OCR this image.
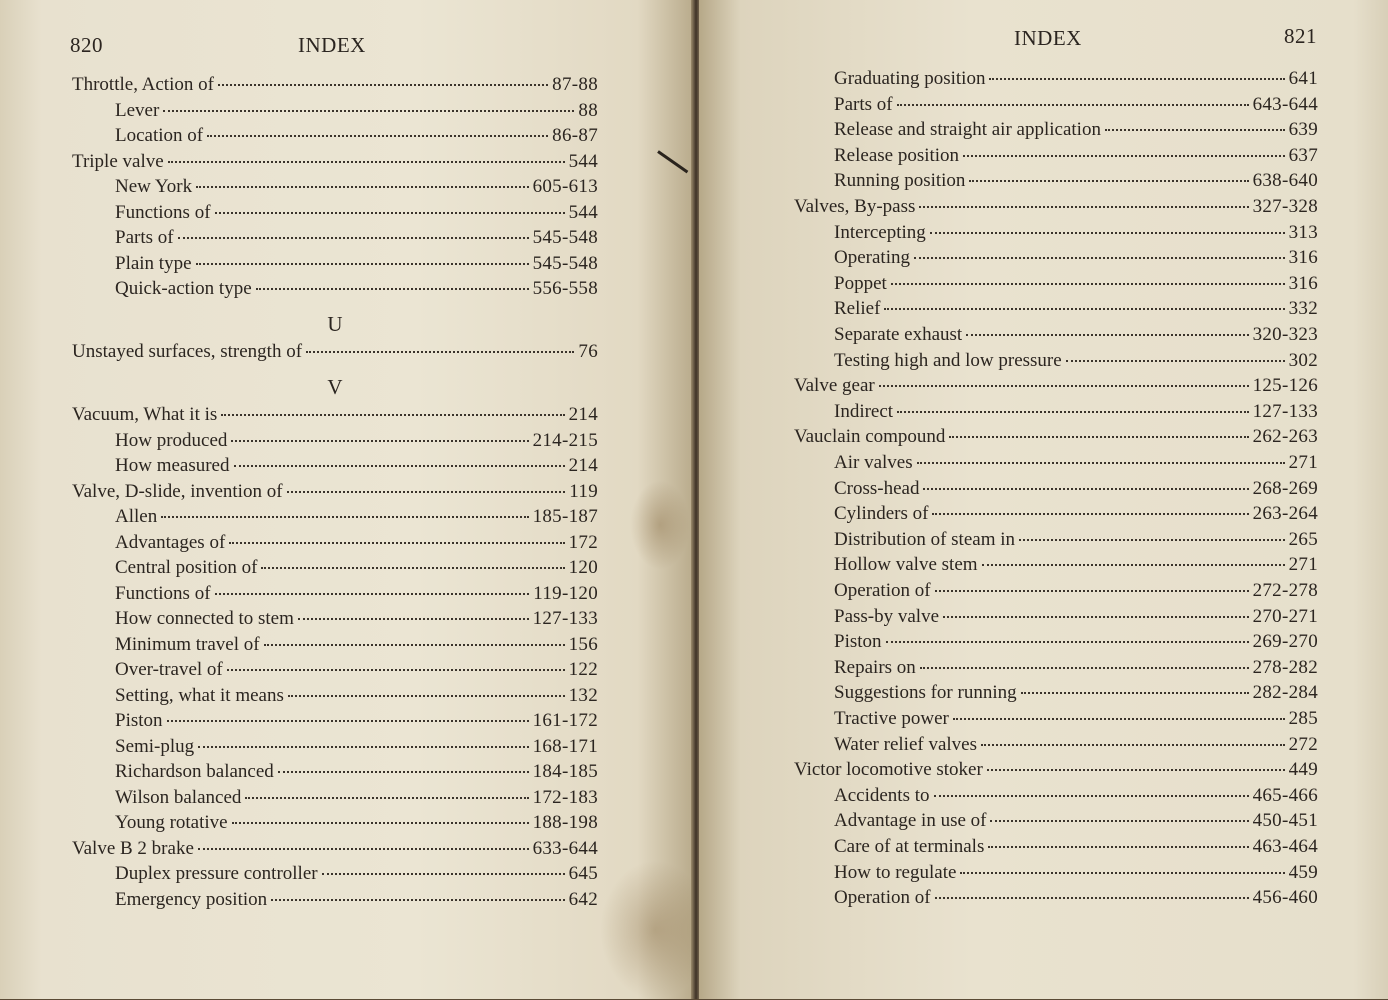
820	INDEX
Throttle, Action of	87-88
Lever	88
Location of	86-87
Triple valve	544
New York	605-613
Functions of	544
Parts of	545-548
Plain type	545-548
Quick-action type	556-558
U
Unstayed surfaces, strength of	76
V
Vacuum, What it is	214
How produced	214-215
How measured	214
Valve, D-slide, invention of	119
Allen	185-187
Advantages of	172
Central position of	120
Functions of	119-120
How connected to stem	127-133
Minimum travel of	156
Over-travel of	122
Setting, what it means	132
Piston	161-172
Semi-plug	168-171
Richardson balanced	184-185
Wilson balanced	172-183
Young rotative	188-198
Valve B 2 brake	633-644
Duplex pressure controller	645
Emergency position	642
INDEX	821
Graduating position	641
Parts of	643-644
Release and straight air application	639
Release position	637
Running position	638-640
Valves, By-pass	327-328
Intercepting	313
Operating	316
Poppet	316
Relief	332
Separate exhaust	320-323
Testing high and low pressure	302
Valve gear	125-126
Indirect	127-133
Vauclain compound	262-263
Air valves	271
Cross-head	268-269
Cylinders of	263-264
Distribution of steam in	265
Hollow valve stem	271
Operation of	272-278
Pass-by valve	270-271
Piston	269-270
Repairs on	278-282
Suggestions for running	282-284
Tractive power	285
Water relief valves	272
Victor locomotive stoker	449
Accidents to	465-466
Advantage in use of	450-451
Care of at terminals	463-464
How to regulate	459
Operation of	456-460
